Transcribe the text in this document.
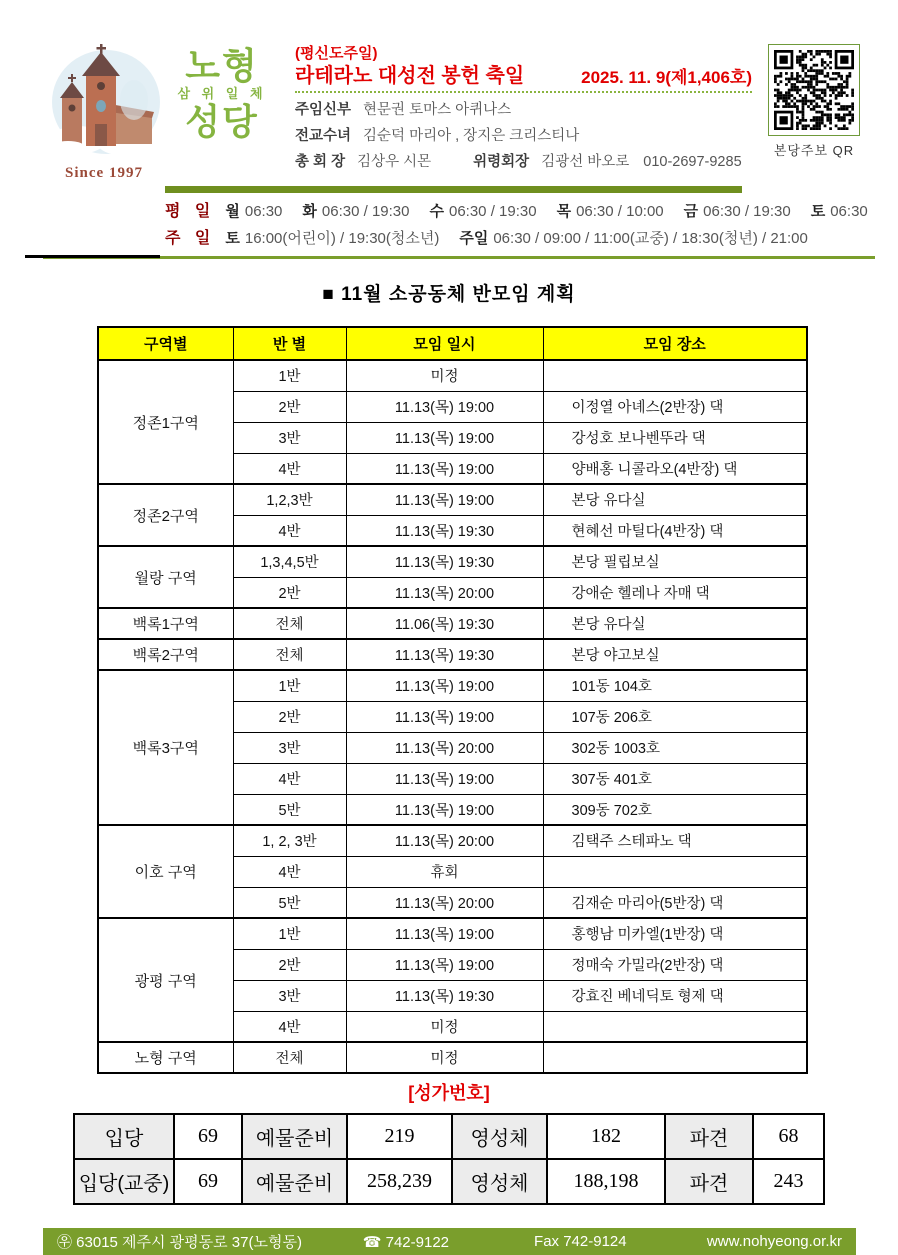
Since 1997
노형
삼 위 일 체
성당
(평신도주일)
라테라노 대성전 봉헌 축일	2025. 11. 9(제1,406호)
주임신부 현문권 토마스 아퀴나스
전교수녀 김순덕 마리아 , 장지은 크리스티나
총 회 장 김상우 시몬	위령회장 김광선 바오로 010-2697-9285
본당주보 QR
평 일 월 06:30 화 06:30 / 19:30 수 06:30 / 19:30 목 06:30 / 10:00 금 06:30 / 19:30 토 06:30
주 일 토 16:00(어린이) / 19:30(청소년) 주일 06:30 / 09:00 / 11:00(교중) / 18:30(청년) / 21:00
■ 11월 소공동체 반모임 계획
구역별	반 별	모임 일시	모임 장소
정존1구역	1반	미정	
	2반	11.13(목) 19:00	이정열 아녜스(2반장) 댁
	3반	11.13(목) 19:00	강성호 보나벤뚜라 댁
	4반	11.13(목) 19:00	양배홍 니콜라오(4반장) 댁
정존2구역	1,2,3반	11.13(목) 19:00	본당 유다실
	4반	11.13(목) 19:30	현혜선 마틸다(4반장) 댁
월랑 구역	1,3,4,5반	11.13(목) 19:30	본당 필립보실
	2반	11.13(목) 20:00	강애순 헬레나 자매 댁
백록1구역	전체	11.06(목) 19:30	본당 유다실
백록2구역	전체	11.13(목) 19:30	본당 야고보실
백록3구역	1반	11.13(목) 19:00	101동 104호
	2반	11.13(목) 19:00	107동 206호
	3반	11.13(목) 20:00	302동 1003호
	4반	11.13(목) 19:00	307동 401호
	5반	11.13(목) 19:00	309동 702호
이호 구역	1, 2, 3반	11.13(목) 20:00	김택주 스테파노 댁
	4반	휴회	
	5반	11.13(목) 20:00	김재순 마리아(5반장) 댁
광평 구역	1반	11.13(목) 19:00	홍행남 미카엘(1반장) 댁
	2반	11.13(목) 19:00	정매숙 가밀라(2반장) 댁
	3반	11.13(목) 19:30	강효진 베네딕토 형제 댁
	4반	미정	
노형 구역	전체	미정	
[성가번호]
입당	69	예물준비	219	영성체	182	파견	68
입당(교중)	69	예물준비	258,239	영성체	188,198	파견	243
㉾ 63015 제주시 광평동로 37(노형동)	☎ 742-9122	Fax 742-9124	www.nohyeong.or.kr
